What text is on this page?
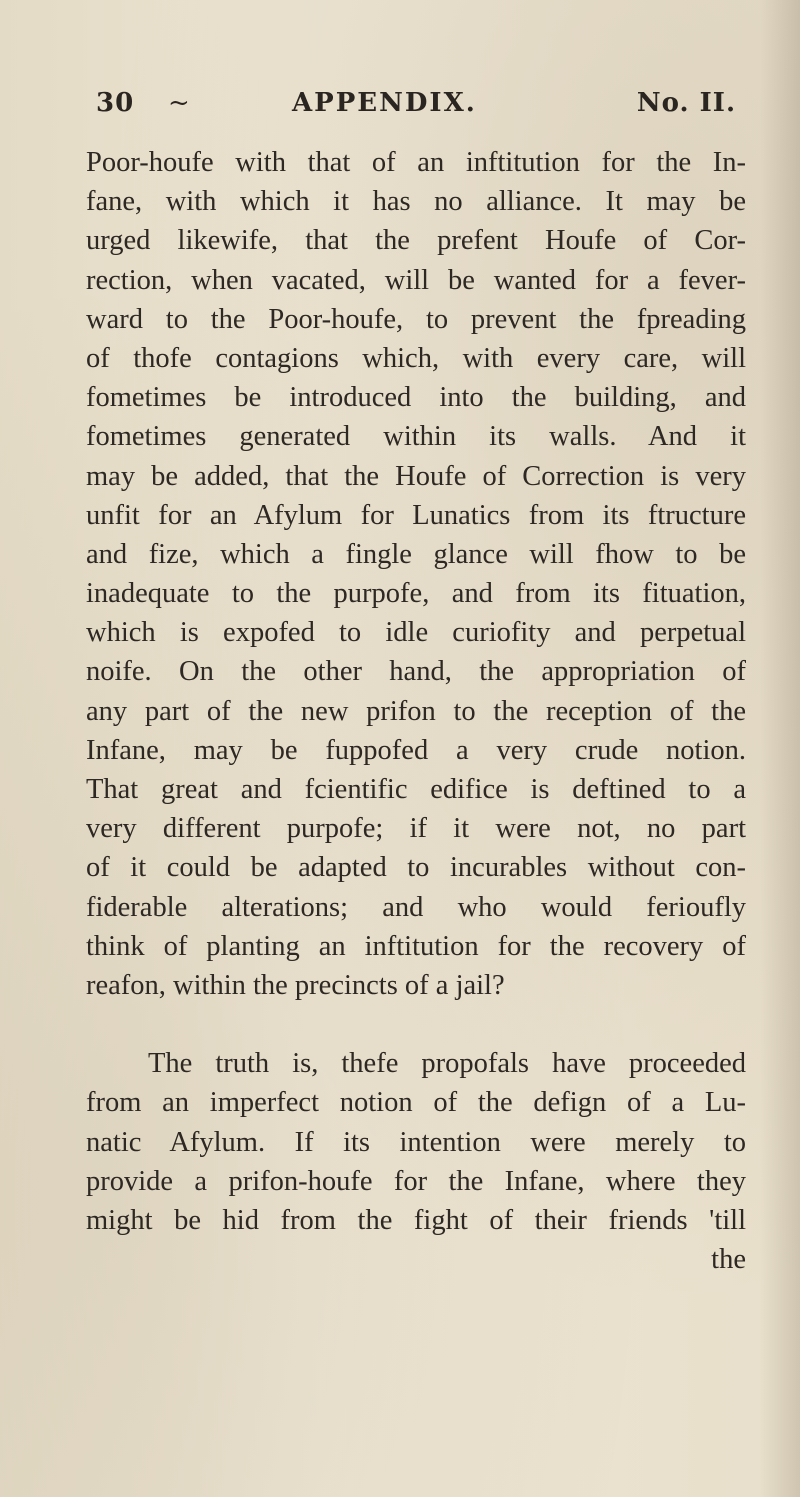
30 ~	APPENDIX.	No. II.
Poor-houfe with that of an inftitution for the In-
fane, with which it has no alliance. It may be
urged likewife, that the prefent Houfe of Cor-
rection, when vacated, will be wanted for a fever-
ward to the Poor-houfe, to prevent the fpreading
of thofe contagions which, with every care, will
fometimes be introduced into the building, and
fometimes generated within its walls. And it
may be added, that the Houfe of Correction is very
unfit for an Afylum for Lunatics from its ftructure
and fize, which a fingle glance will fhow to be
inadequate to the purpofe, and from its fituation,
which is expofed to idle curiofity and perpetual
noife. On the other hand, the appropriation of
any part of the new prifon to the reception of the
Infane, may be fuppofed a very crude notion.
That great and fcientific edifice is deftined to a
very different purpofe; if it were not, no part
of it could be adapted to incurables without con-
fiderable alterations; and who would ferioufly
think of planting an inftitution for the recovery of
reafon, within the precincts of a jail?
The truth is, thefe propofals have proceeded
from an imperfect notion of the defign of a Lu-
natic Afylum. If its intention were merely to
provide a prifon-houfe for the Infane, where they
might be hid from the fight of their friends 'till
the
